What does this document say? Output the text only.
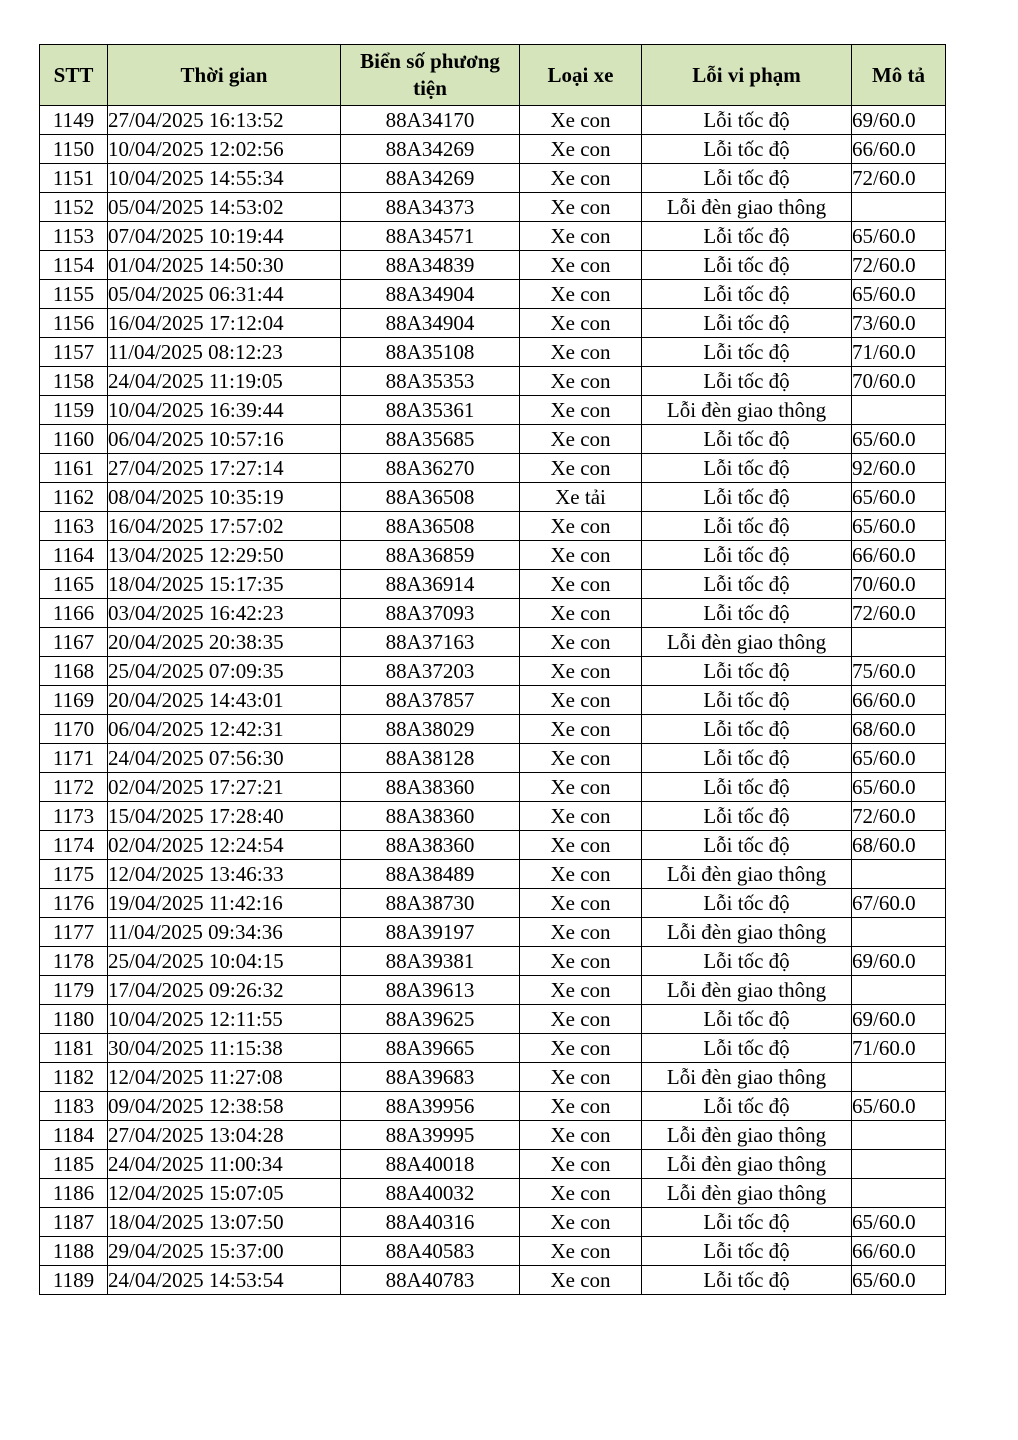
STT	Thời gian	Biển số phương tiện	Loại xe	Lỗi vi phạm	Mô tả
1149	27/04/2025 16:13:52	88A34170	Xe con	Lỗi tốc độ	69/60.0
1150	10/04/2025 12:02:56	88A34269	Xe con	Lỗi tốc độ	66/60.0
1151	10/04/2025 14:55:34	88A34269	Xe con	Lỗi tốc độ	72/60.0
1152	05/04/2025 14:53:02	88A34373	Xe con	Lỗi đèn giao thông	
1153	07/04/2025 10:19:44	88A34571	Xe con	Lỗi tốc độ	65/60.0
1154	01/04/2025 14:50:30	88A34839	Xe con	Lỗi tốc độ	72/60.0
1155	05/04/2025 06:31:44	88A34904	Xe con	Lỗi tốc độ	65/60.0
1156	16/04/2025 17:12:04	88A34904	Xe con	Lỗi tốc độ	73/60.0
1157	11/04/2025 08:12:23	88A35108	Xe con	Lỗi tốc độ	71/60.0
1158	24/04/2025 11:19:05	88A35353	Xe con	Lỗi tốc độ	70/60.0
1159	10/04/2025 16:39:44	88A35361	Xe con	Lỗi đèn giao thông	
1160	06/04/2025 10:57:16	88A35685	Xe con	Lỗi tốc độ	65/60.0
1161	27/04/2025 17:27:14	88A36270	Xe con	Lỗi tốc độ	92/60.0
1162	08/04/2025 10:35:19	88A36508	Xe tải	Lỗi tốc độ	65/60.0
1163	16/04/2025 17:57:02	88A36508	Xe con	Lỗi tốc độ	65/60.0
1164	13/04/2025 12:29:50	88A36859	Xe con	Lỗi tốc độ	66/60.0
1165	18/04/2025 15:17:35	88A36914	Xe con	Lỗi tốc độ	70/60.0
1166	03/04/2025 16:42:23	88A37093	Xe con	Lỗi tốc độ	72/60.0
1167	20/04/2025 20:38:35	88A37163	Xe con	Lỗi đèn giao thông	
1168	25/04/2025 07:09:35	88A37203	Xe con	Lỗi tốc độ	75/60.0
1169	20/04/2025 14:43:01	88A37857	Xe con	Lỗi tốc độ	66/60.0
1170	06/04/2025 12:42:31	88A38029	Xe con	Lỗi tốc độ	68/60.0
1171	24/04/2025 07:56:30	88A38128	Xe con	Lỗi tốc độ	65/60.0
1172	02/04/2025 17:27:21	88A38360	Xe con	Lỗi tốc độ	65/60.0
1173	15/04/2025 17:28:40	88A38360	Xe con	Lỗi tốc độ	72/60.0
1174	02/04/2025 12:24:54	88A38360	Xe con	Lỗi tốc độ	68/60.0
1175	12/04/2025 13:46:33	88A38489	Xe con	Lỗi đèn giao thông	
1176	19/04/2025 11:42:16	88A38730	Xe con	Lỗi tốc độ	67/60.0
1177	11/04/2025 09:34:36	88A39197	Xe con	Lỗi đèn giao thông	
1178	25/04/2025 10:04:15	88A39381	Xe con	Lỗi tốc độ	69/60.0
1179	17/04/2025 09:26:32	88A39613	Xe con	Lỗi đèn giao thông	
1180	10/04/2025 12:11:55	88A39625	Xe con	Lỗi tốc độ	69/60.0
1181	30/04/2025 11:15:38	88A39665	Xe con	Lỗi tốc độ	71/60.0
1182	12/04/2025 11:27:08	88A39683	Xe con	Lỗi đèn giao thông	
1183	09/04/2025 12:38:58	88A39956	Xe con	Lỗi tốc độ	65/60.0
1184	27/04/2025 13:04:28	88A39995	Xe con	Lỗi đèn giao thông	
1185	24/04/2025 11:00:34	88A40018	Xe con	Lỗi đèn giao thông	
1186	12/04/2025 15:07:05	88A40032	Xe con	Lỗi đèn giao thông	
1187	18/04/2025 13:07:50	88A40316	Xe con	Lỗi tốc độ	65/60.0
1188	29/04/2025 15:37:00	88A40583	Xe con	Lỗi tốc độ	66/60.0
1189	24/04/2025 14:53:54	88A40783	Xe con	Lỗi tốc độ	65/60.0
